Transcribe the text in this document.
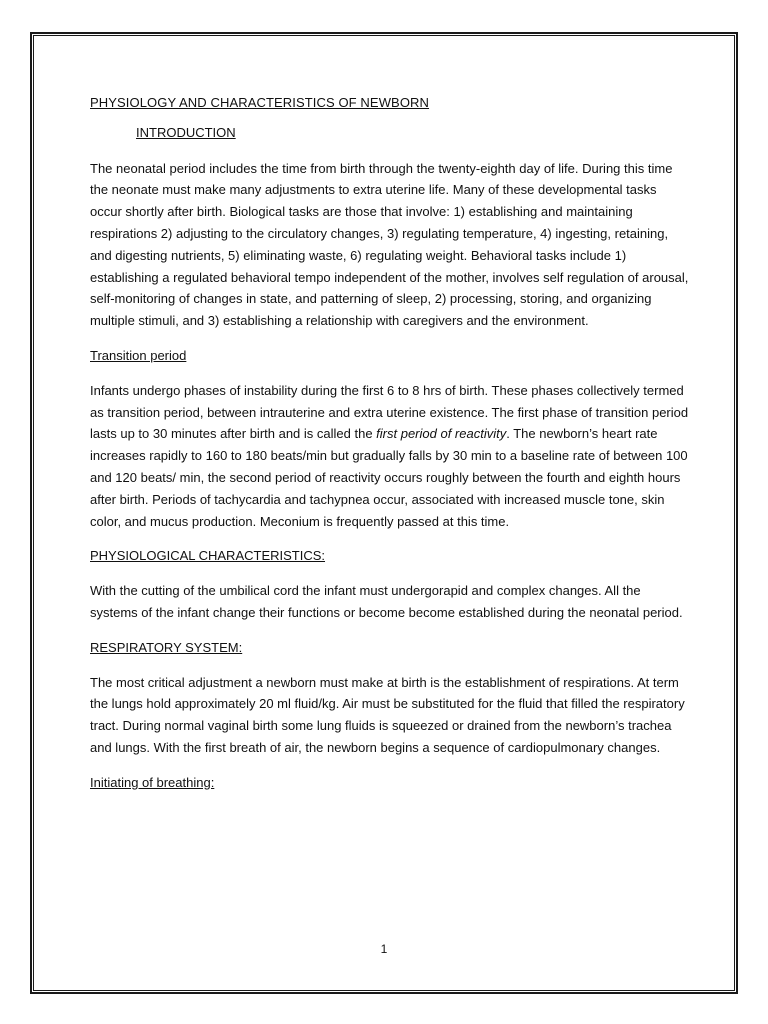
PHYSIOLOGY AND CHARACTERISTICS OF NEWBORN
INTRODUCTION

The neonatal period includes the time from birth through the twenty-eighth day of life. During this time the neonate must make many adjustments to extra uterine life. Many of these developmental tasks occur shortly after birth. Biological tasks are those that involve: 1) establishing and maintaining respirations 2) adjusting to the circulatory changes, 3) regulating temperature, 4) ingesting, retaining, and digesting nutrients, 5) eliminating waste, 6) regulating weight. Behavioral tasks include 1) establishing a regulated behavioral tempo independent of the mother, involves self regulation of arousal, self-monitoring of changes in state, and patterning of sleep, 2) processing, storing, and organizing multiple stimuli, and 3) establishing a relationship with caregivers and the environment.

Transition period

Infants undergo phases of instability during the first 6 to 8 hrs of birth. These phases collectively termed as transition period, between intrauterine and extra uterine existence. The first phase of transition period lasts up to 30 minutes after birth and is called the first period of reactivity. The newborn’s heart rate increases rapidly to 160 to 180 beats/min but gradually falls by 30 min to a baseline rate of between 100 and 120 beats/ min, the second period of reactivity occurs roughly between the fourth and eighth hours after birth. Periods of tachycardia and tachypnea occur, associated with increased muscle tone, skin color, and mucus production. Meconium is frequently passed at this time.

PHYSIOLOGICAL CHARACTERISTICS:

With the cutting of the umbilical cord the infant must undergorapid and complex changes. All the systems of the infant change their functions or become become established during the neonatal period.

RESPIRATORY SYSTEM:

The most critical adjustment a newborn must make at birth is the establishment of respirations. At term the lungs hold approximately 20 ml fluid/kg. Air must be substituted for the fluid that filled the respiratory tract. During normal vaginal birth some lung fluids is squeezed or drained from the newborn’s trachea and lungs. With the first breath of air, the newborn begins a sequence of cardiopulmonary changes.

Initiating of breathing:
1
